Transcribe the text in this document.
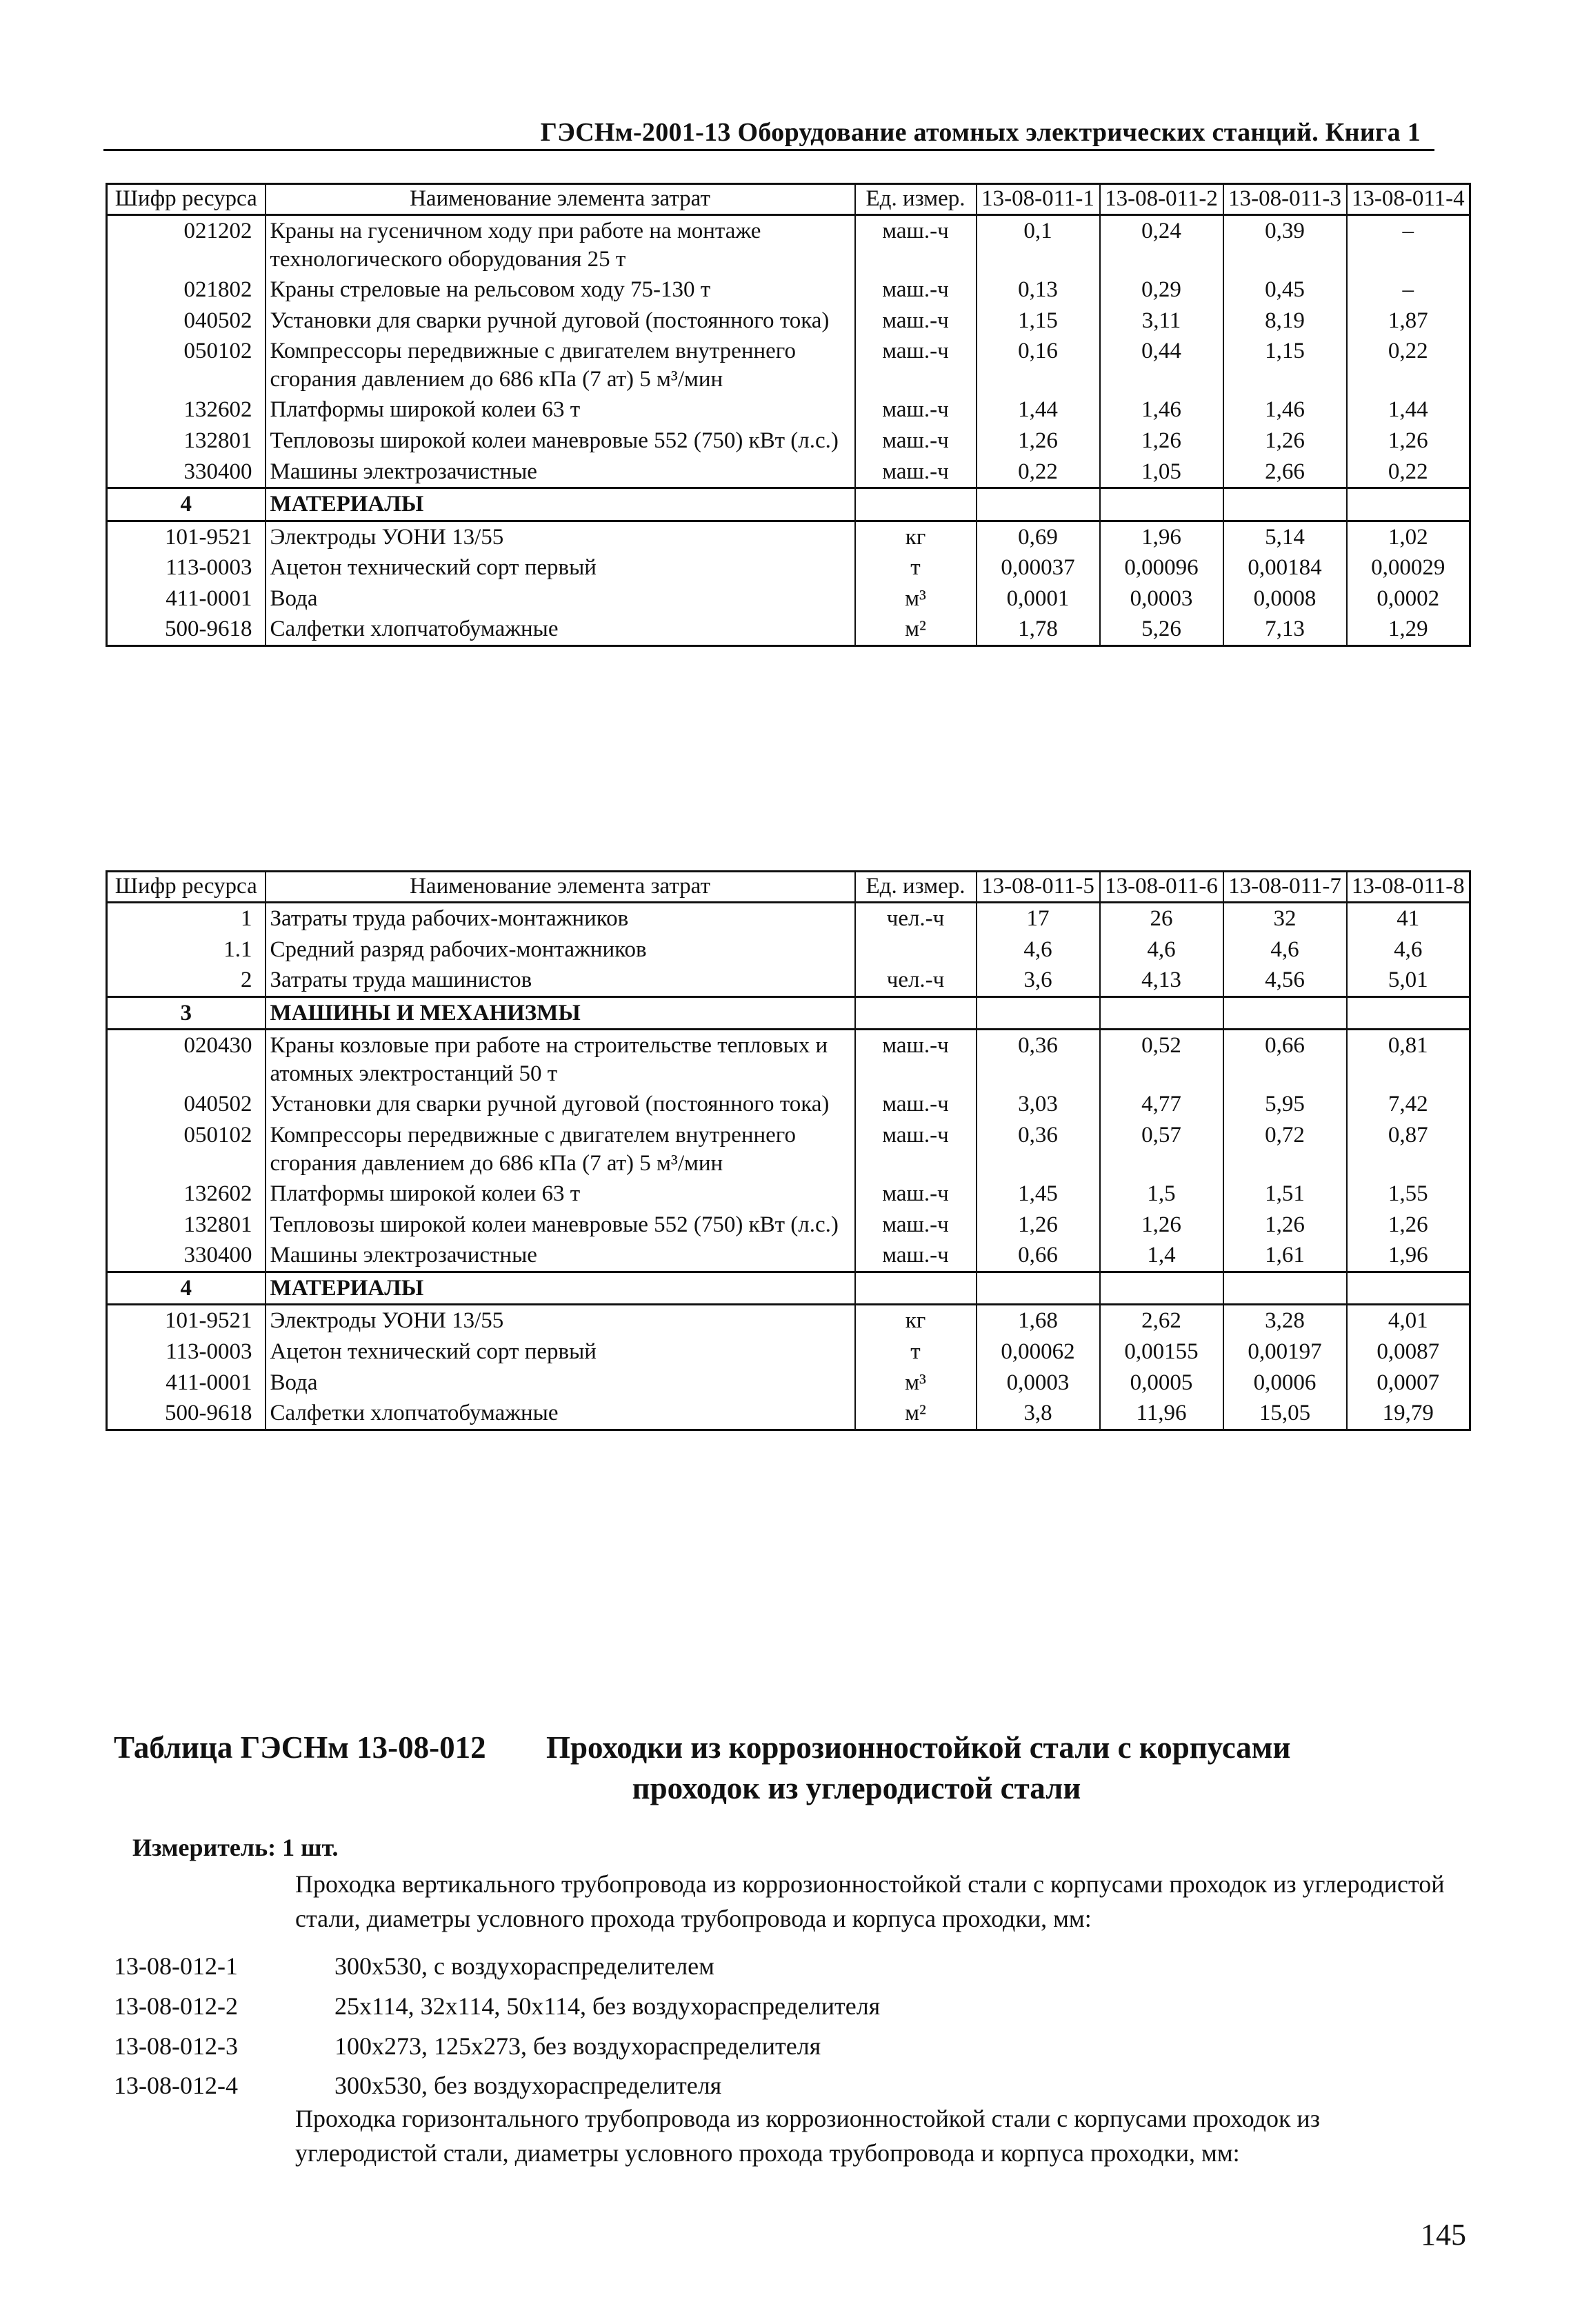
ГЭСНм-2001-13 Оборудование атомных электрических станций. Книга 1
Шифр ресурса	Наименование элемента затрат	Ед. измер.	13-08-011-1	13-08-011-2	13-08-011-3	13-08-011-4
021202	Краны на гусеничном ходу при работе на монтаже технологического оборудования 25 т	маш.-ч	0,1	0,24	0,39	–
021802	Краны стреловые на рельсовом ходу 75-130 т	маш.-ч	0,13	0,29	0,45	–
040502	Установки для сварки ручной дуговой (постоянного тока)	маш.-ч	1,15	3,11	8,19	1,87
050102	Компрессоры передвижные с двигателем внутреннего сгорания давлением до 686 кПа (7 ат) 5 м³/мин	маш.-ч	0,16	0,44	1,15	0,22
132602	Платформы широкой колеи 63 т	маш.-ч	1,44	1,46	1,46	1,44
132801	Тепловозы широкой колеи маневровые 552 (750) кВт (л.с.)	маш.-ч	1,26	1,26	1,26	1,26
330400	Машины электрозачистные	маш.-ч	0,22	1,05	2,66	0,22
4	МАТЕРИАЛЫ					
101-9521	Электроды УОНИ 13/55	кг	0,69	1,96	5,14	1,02
113-0003	Ацетон технический сорт первый	т	0,00037	0,00096	0,00184	0,00029
411-0001	Вода	м³	0,0001	0,0003	0,0008	0,0002
500-9618	Салфетки хлопчатобумажные	м²	1,78	5,26	7,13	1,29
Шифр ресурса	Наименование элемента затрат	Ед. измер.	13-08-011-5	13-08-011-6	13-08-011-7	13-08-011-8
1	Затраты труда рабочих-монтажников	чел.-ч	17	26	32	41
1.1	Средний разряд рабочих-монтажников		4,6	4,6	4,6	4,6
2	Затраты труда машинистов	чел.-ч	3,6	4,13	4,56	5,01
3	МАШИНЫ И МЕХАНИЗМЫ					
020430	Краны козловые при работе на строительстве тепловых и атомных электростанций 50 т	маш.-ч	0,36	0,52	0,66	0,81
040502	Установки для сварки ручной дуговой (постоянного тока)	маш.-ч	3,03	4,77	5,95	7,42
050102	Компрессоры передвижные с двигателем внутреннего сгорания давлением до 686 кПа (7 ат) 5 м³/мин	маш.-ч	0,36	0,57	0,72	0,87
132602	Платформы широкой колеи 63 т	маш.-ч	1,45	1,5	1,51	1,55
132801	Тепловозы широкой колеи маневровые 552 (750) кВт (л.с.)	маш.-ч	1,26	1,26	1,26	1,26
330400	Машины электрозачистные	маш.-ч	0,66	1,4	1,61	1,96
4	МАТЕРИАЛЫ					
101-9521	Электроды УОНИ 13/55	кг	1,68	2,62	3,28	4,01
113-0003	Ацетон технический сорт первый	т	0,00062	0,00155	0,00197	0,0087
411-0001	Вода	м³	0,0003	0,0005	0,0006	0,0007
500-9618	Салфетки хлопчатобумажные	м²	3,8	11,96	15,05	19,79
Таблица ГЭСНм 13-08-012 Проходки из коррозионностойкой стали с корпусами
проходок из углеродистой стали
Измеритель: 1 шт.
Проходка вертикального трубопровода из коррозионностойкой стали с корпусами проходок из углеродистой стали, диаметры условного прохода трубопровода и корпуса проходки, мм:
13-08-012-1	300x530, с воздухораспределителем
13-08-012-2	25x114, 32x114, 50x114, без воздухораспределителя
13-08-012-3	100x273, 125x273, без воздухораспределителя
13-08-012-4	300x530, без воздухораспределителя
Проходка горизонтального трубопровода из коррозионностойкой стали с корпусами проходок из углеродистой стали, диаметры условного прохода трубопровода и корпуса проходки, мм:
145
